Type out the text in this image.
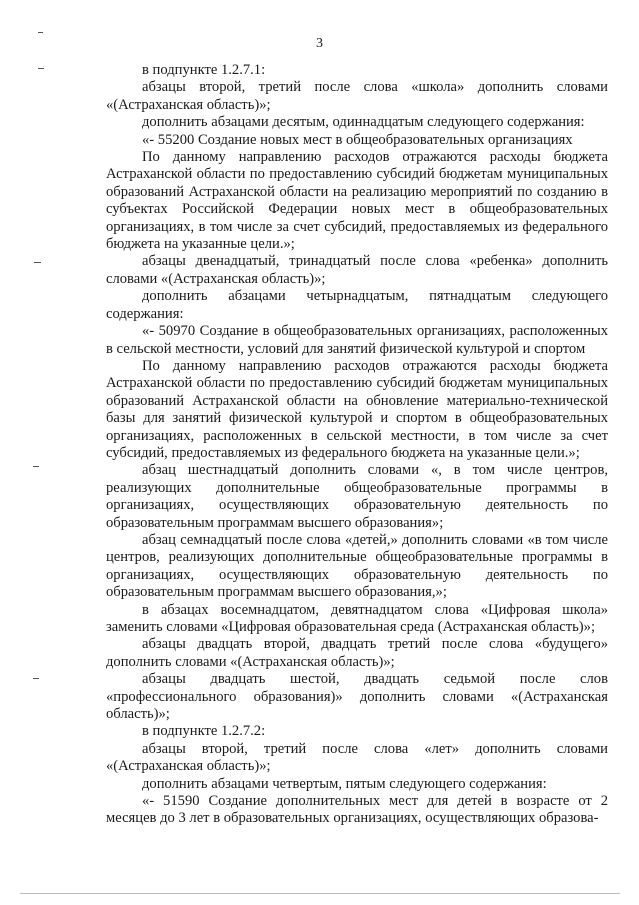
3

в подпункте 1.2.7.1:

абзацы второй, третий после слова «школа» дополнить словами «(Астраханская область)»;

дополнить абзацами десятым, одиннадцатым следующего содержания:

«- 55200 Создание новых мест в общеобразовательных организациях

По данному направлению расходов отражаются расходы бюджета Астраханской области по предоставлению субсидий бюджетам муниципальных образований Астраханской области на реализацию мероприятий по созданию в субъектах Российской Федерации новых мест в общеобразовательных организациях, в том числе за счет субсидий, предоставляемых из федерального бюджета на указанные цели.»;

абзацы двенадцатый, тринадцатый после слова «ребенка» дополнить словами «(Астраханская область)»;

дополнить абзацами четырнадцатым, пятнадцатым следующего содержания:

«- 50970 Создание в общеобразовательных организациях, расположенных в сельской местности, условий для занятий физической культурой и спортом

По данному направлению расходов отражаются расходы бюджета Астраханской области по предоставлению субсидий бюджетам муниципальных образований Астраханской области на обновление материально-технической базы для занятий физической культурой и спортом в общеобразовательных организациях, расположенных в сельской местности, в том числе за счет субсидий, предоставляемых из федерального бюджета на указанные цели.»;

абзац шестнадцатый дополнить словами «, в том числе центров, реализующих дополнительные общеобразовательные программы в организациях, осуществляющих образовательную деятельность по образовательным программам высшего образования»;

абзац семнадцатый после слова «детей,» дополнить словами «в том числе центров, реализующих дополнительные общеобразовательные программы в организациях, осуществляющих образовательную деятельность по образовательным программам высшего образования,»;

в абзацах восемнадцатом, девятнадцатом слова «Цифровая школа» заменить словами «Цифровая образовательная среда (Астраханская область)»;

абзацы двадцать второй, двадцать третий после слова «будущего» дополнить словами «(Астраханская область)»;

абзацы двадцать шестой, двадцать седьмой после слов «профессионального образования)» дополнить словами «(Астраханская область)»;

в подпункте 1.2.7.2:

абзацы второй, третий после слова «лет» дополнить словами «(Астраханская область)»;

дополнить абзацами четвертым, пятым следующего содержания:

«- 51590 Создание дополнительных мест для детей в возрасте от 2 месяцев до 3 лет в образовательных организациях, осуществляющих образова-
